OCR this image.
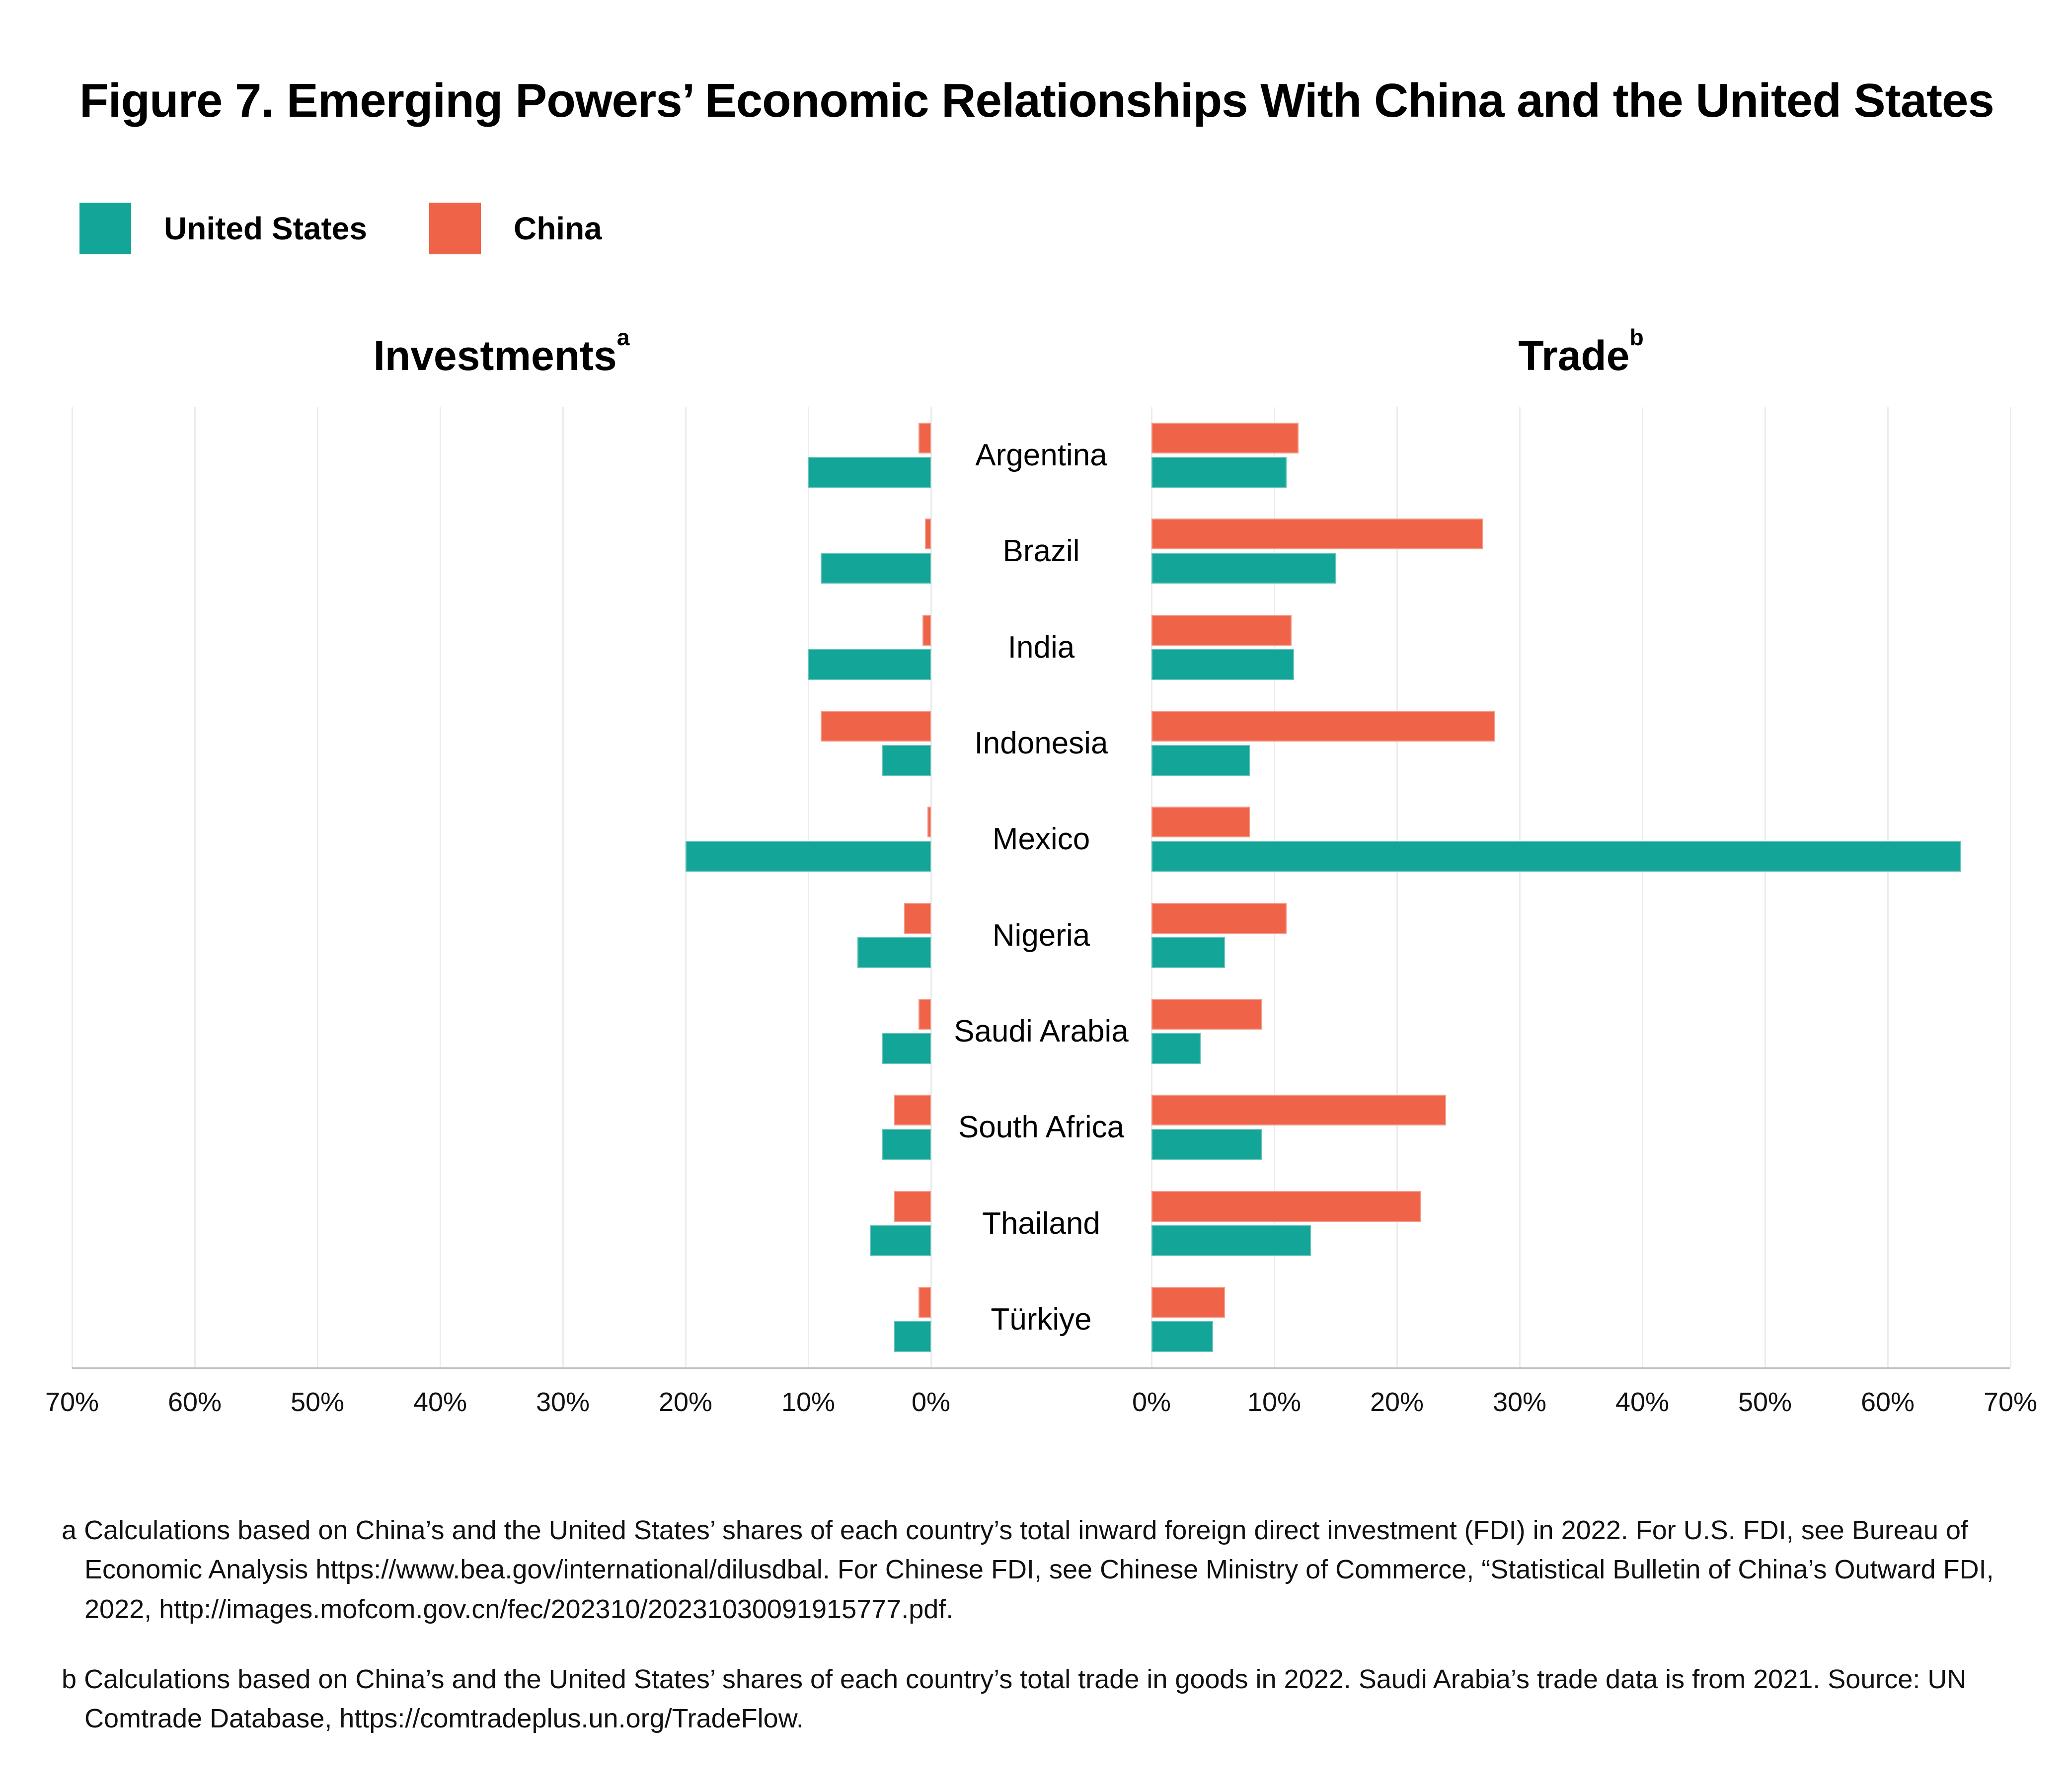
Figure 7. Emerging Powers’ Economic Relationships With China and the United States
United States	China
Investments$^a$	Trade$^b$
Argentina
Brazil
India
Indonesia
Mexico
Nigeria
Saudi Arabia
South Africa
Thailand
Türkiye
70%	60%	50%	40%	30%	20%	10%	0%	0%	10%	20%	30%	40%	50%	60%	70%

a Calculations based on China’s and the United States’ shares of each country’s total inward foreign direct investment (FDI) in 2022. For U.S. FDI, see Bureau of Economic Analysis https://www.bea.gov/international/dilusdbal. For Chinese FDI, see Chinese Ministry of Commerce, “Statistical Bulletin of China’s Outward FDI, 2022, http://images.mofcom.gov.cn/fec/202310/20231030091915777.pdf.

b Calculations based on China’s and the United States’ shares of each country’s total trade in goods in 2022. Saudi Arabia’s trade data is from 2021. Source: UN Comtrade Database, https://comtradeplus.un.org/TradeFlow.
